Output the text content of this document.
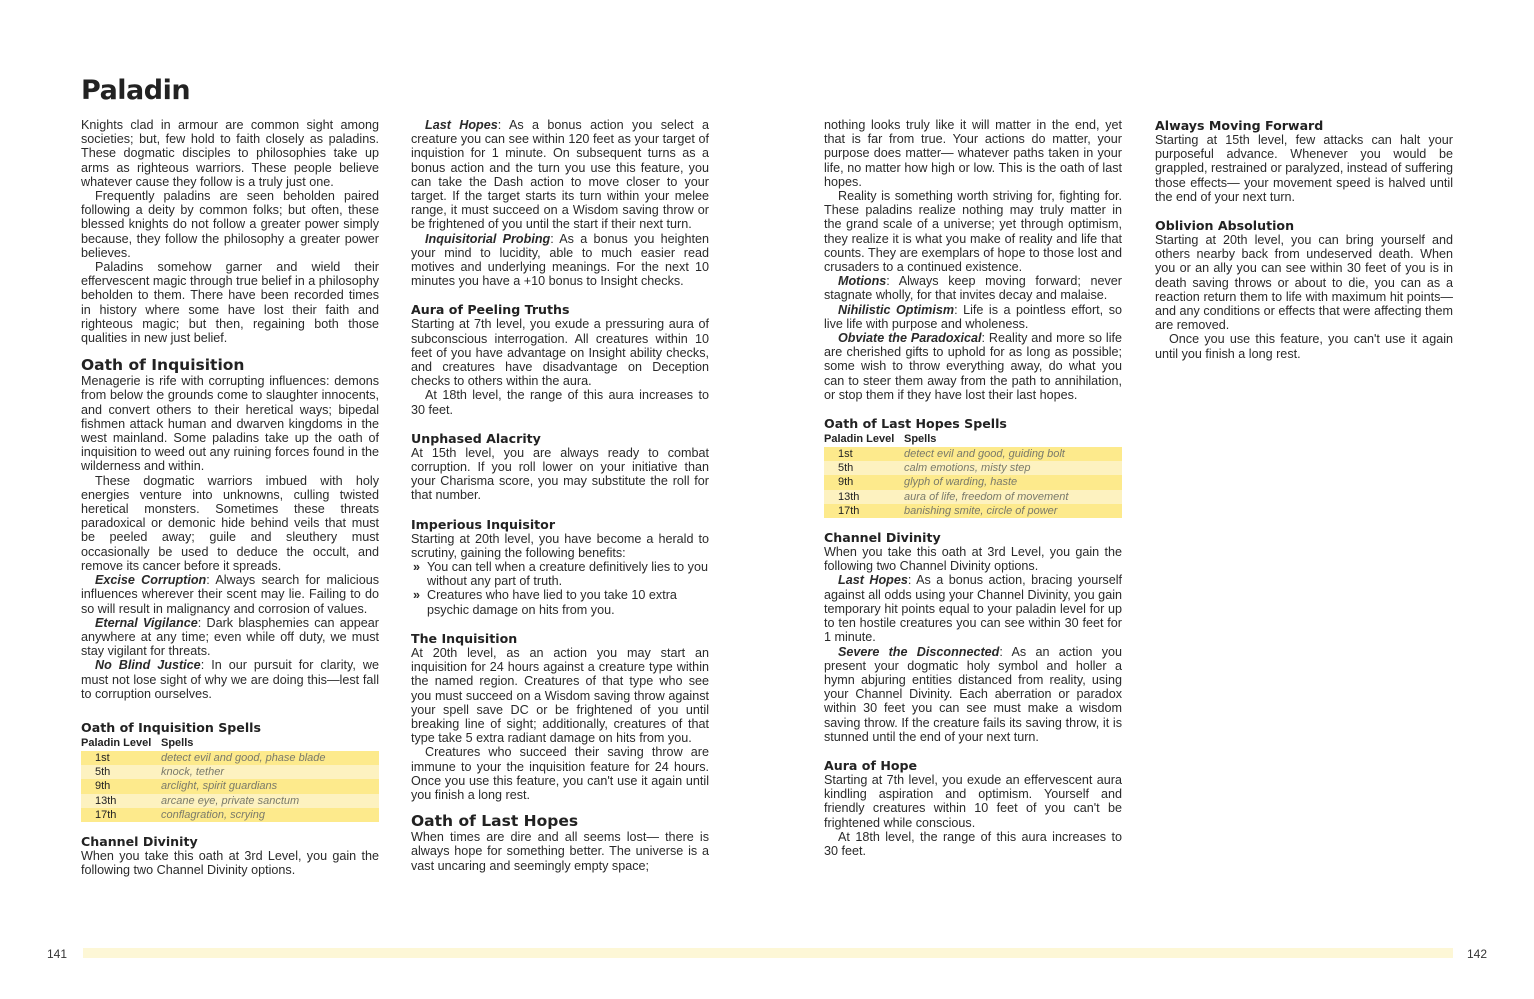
Paladin

Knights clad in armour are common sight among societies; but, few hold to faith closely as paladins. These dogmatic disciples to philosophies take up arms as righteous warriors. These people believe whatever cause they follow is a truly just one.

Frequently paladins are seen beholden paired following a deity by common folks; but often, these blessed knights do not follow a greater power simply because, they follow the philosophy a greater power believes.

Paladins somehow garner and wield their effervescent magic through true belief in a philosophy beholden to them. There have been recorded times in history where some have lost their faith and righteous magic; but then, regaining both those qualities in new just belief.

Oath of Inquisition

Menagerie is rife with corrupting influences: demons from below the grounds come to slaughter innocents, and convert others to their heretical ways; bipedal fishmen attack human and dwarven kingdoms in the west mainland. Some paladins take up the oath of inquisition to weed out any ruining forces found in the wilderness and within.

These dogmatic warriors imbued with holy energies venture into unknowns, culling twisted heretical monsters. Sometimes these threats paradoxical or demonic hide behind veils that must be peeled away; guile and sleuthery must occasionally be used to deduce the occult, and remove its cancer before it spreads.

Excise Corruption: Always search for malicious influences wherever their scent may lie. Failing to do so will result in malignancy and corrosion of values.

Eternal Vigilance: Dark blasphemies can appear anywhere at any time; even while off duty, we must stay vigilant for threats.

No Blind Justice: In our pursuit for clarity, we must not lose sight of why we are doing this—lest fall to corruption ourselves.

Oath of Inquisition Spells
Paladin Level	Spells
1st	detect evil and good, phase blade
5th	knock, tether
9th	arclight, spirit guardians
13th	arcane eye, private sanctum
17th	conflagration, scrying
Channel Divinity

When you take this oath at 3rd Level, you gain the following two Channel Divinity options.

Last Hopes: As a bonus action you select a creature you can see within 120 feet as your target of inquistion for 1 minute. On subsequent turns as a bonus action and the turn you use this feature, you can take the Dash action to move closer to your target. If the target starts its turn within your melee range, it must succeed on a Wisdom saving throw or be frightened of you until the start if their next turn.

Inquisitorial Probing: As a bonus you heighten your mind to lucidity, able to much easier read motives and underlying meanings. For the next 10 minutes you have a +10 bonus to Insight checks.

Aura of Peeling Truths

Starting at 7th level, you exude a pressuring aura of subconscious interrogation. All creatures within 10 feet of you have advantage on Insight ability checks, and creatures have disadvantage on Deception checks to others within the aura.

At 18th level, the range of this aura increases to 30 feet.

Unphased Alacrity

At 15th level, you are always ready to combat corruption. If you roll lower on your initiative than your Charisma score, you may substitute the roll for that number.

Imperious Inquisitor

Starting at 20th level, you have become a herald to scrutiny, gaining the following benefits:

» You can tell when a creature definitively lies to you without any part of truth.
» Creatures who have lied to you take 10 extra psychic damage on hits from you.
The Inquisition

At 20th level, as an action you may start an inquisition for 24 hours against a creature type within the named region. Creatures of that type who see you must succeed on a Wisdom saving throw against your spell save DC or be frightened of you until breaking line of sight; additionally, creatures of that type take 5 extra radiant damage on hits from you.

Creatures who succeed their saving throw are immune to your the inquisition feature for 24 hours. Once you use this feature, you can't use it again until you finish a long rest.

Oath of Last Hopes

When times are dire and all seems lost— there is always hope for something better. The universe is a vast uncaring and seemingly empty space;

nothing looks truly like it will matter in the end, yet that is far from true. Your actions do matter, your purpose does matter— whatever paths taken in your life, no matter how high or low. This is the oath of last hopes.

Reality is something worth striving for, fighting for. These paladins realize nothing may truly matter in the grand scale of a universe; yet through optimism, they realize it is what you make of reality and life that counts. They are exemplars of hope to those lost and crusaders to a continued existence.

Motions: Always keep moving forward; never stagnate wholly, for that invites decay and malaise.

Nihilistic Optimism: Life is a pointless effort, so live life with purpose and wholeness.

Obviate the Paradoxical: Reality and more so life are cherished gifts to uphold for as long as possible; some wish to throw everything away, do what you can to steer them away from the path to annihilation, or stop them if they have lost their last hopes.

Oath of Last Hopes Spells
Paladin Level	Spells
1st	detect evil and good, guiding bolt
5th	calm emotions, misty step
9th	glyph of warding, haste
13th	aura of life, freedom of movement
17th	banishing smite, circle of power
Channel Divinity

When you take this oath at 3rd Level, you gain the following two Channel Divinity options.

Last Hopes: As a bonus action, bracing yourself against all odds using your Channel Divinity, you gain temporary hit points equal to your paladin level for up to ten hostile creatures you can see within 30 feet for 1 minute.

Severe the Disconnected: As an action you present your dogmatic holy symbol and holler a hymn abjuring entities distanced from reality, using your Channel Divinity. Each aberration or paradox within 30 feet you can see must make a wisdom saving throw. If the creature fails its saving throw, it is stunned until the end of your next turn.

Aura of Hope

Starting at 7th level, you exude an effervescent aura kindling aspiration and optimism. Yourself and friendly creatures within 10 feet of you can't be frightened while conscious.

At 18th level, the range of this aura increases to 30 feet.

Always Moving Forward

Starting at 15th level, few attacks can halt your purposeful advance. Whenever you would be grappled, restrained or paralyzed, instead of suffering those effects— your movement speed is halved until the end of your next turn.

Oblivion Absolution

Starting at 20th level, you can bring yourself and others nearby back from undeserved death. When you or an ally you can see within 30 feet of you is in death saving throws or about to die, you can as a reaction return them to life with maximum hit points— and any conditions or effects that were affecting them are removed.

Once you use this feature, you can't use it again until you finish a long rest.

141	142
